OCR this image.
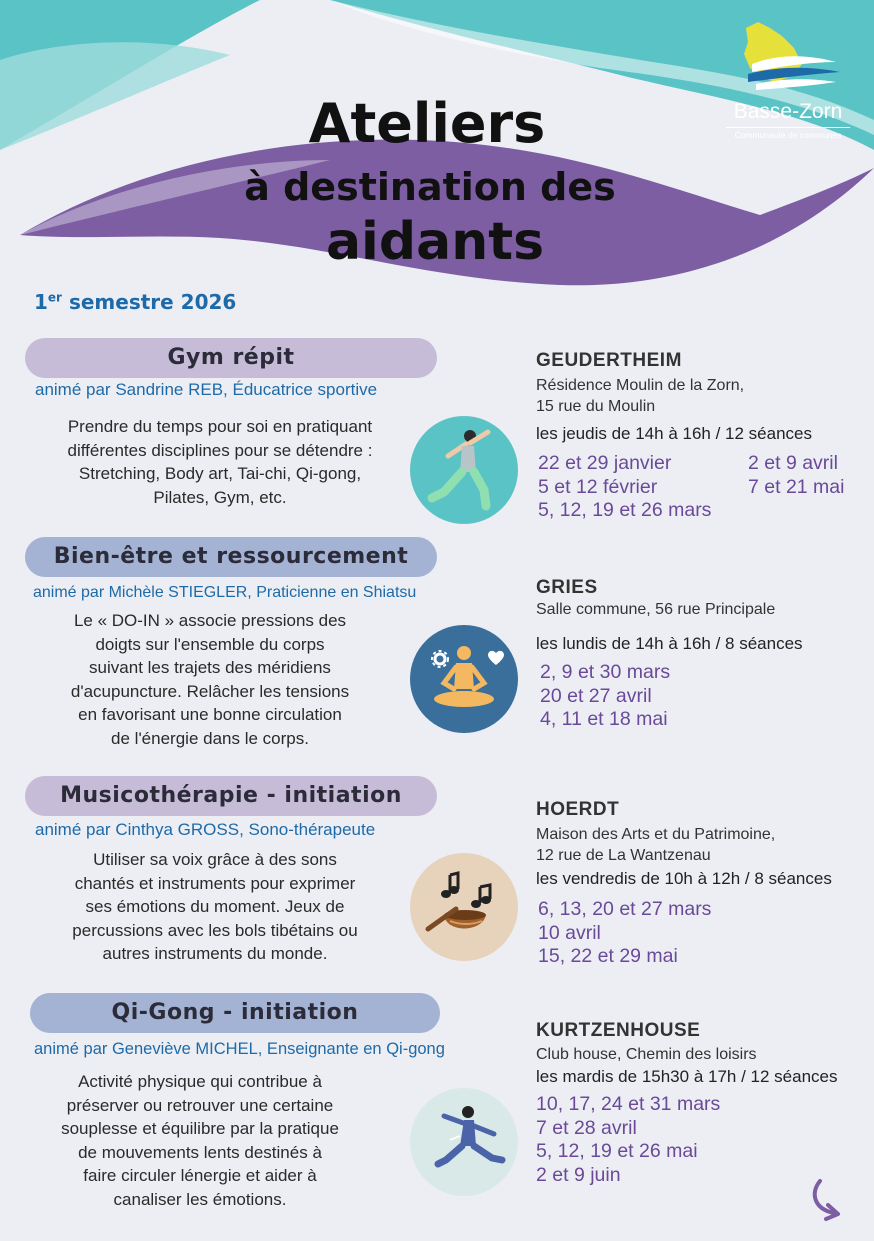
Basse-Zorn
Communauté de communes
Ateliers
à destination des
aidants
1er semestre 2026
Gym répit
animé par Sandrine REB, Éducatrice sportive
Prendre du temps pour soi en pratiquant
différentes disciplines pour se détendre :
Stretching, Body art, Tai-chi, Qi-gong,
Pilates, Gym, etc.
GEUDERTHEIM
Résidence Moulin de la Zorn,
15 rue du Moulin
les jeudis de 14h à 16h / 12 séances
22 et 29 janvier
5 et 12 février
5, 12, 19 et 26 mars
2 et 9 avril
7 et 21 mai
Bien-être et ressourcement
animé par Michèle STIEGLER, Praticienne en Shiatsu
Le « DO-IN » associe pressions des
doigts sur l'ensemble du corps
suivant les trajets des méridiens
d'acupuncture. Relâcher les tensions
en favorisant une bonne circulation
de l'énergie dans le corps.
GRIES
Salle commune, 56 rue Principale
les lundis de 14h à 16h / 8 séances
2, 9 et 30 mars
20 et 27 avril
4, 11 et 18 mai
Musicothérapie - initiation
animé par Cinthya GROSS, Sono-thérapeute
Utiliser sa voix grâce à des sons
chantés et instruments pour exprimer
ses émotions du moment. Jeux de
percussions avec les bols tibétains ou
autres instruments du monde.
HOERDT
Maison des Arts et du Patrimoine,
12 rue de La Wantzenau
les vendredis de 10h à 12h / 8 séances
6, 13, 20 et 27 mars
10 avril
15, 22 et 29 mai
Qi-Gong - initiation
animé par Geneviève MICHEL, Enseignante en Qi-gong
Activité physique qui contribue à
préserver ou retrouver une certaine
souplesse et équilibre par la pratique
de mouvements lents destinés à
faire circuler lénergie et aider à
canaliser les émotions.
KURTZENHOUSE
Club house, Chemin des loisirs
les mardis de 15h30 à 17h / 12 séances
10, 17, 24 et 31 mars
7 et 28 avril
5, 12, 19 et 26 mai
2 et 9 juin
